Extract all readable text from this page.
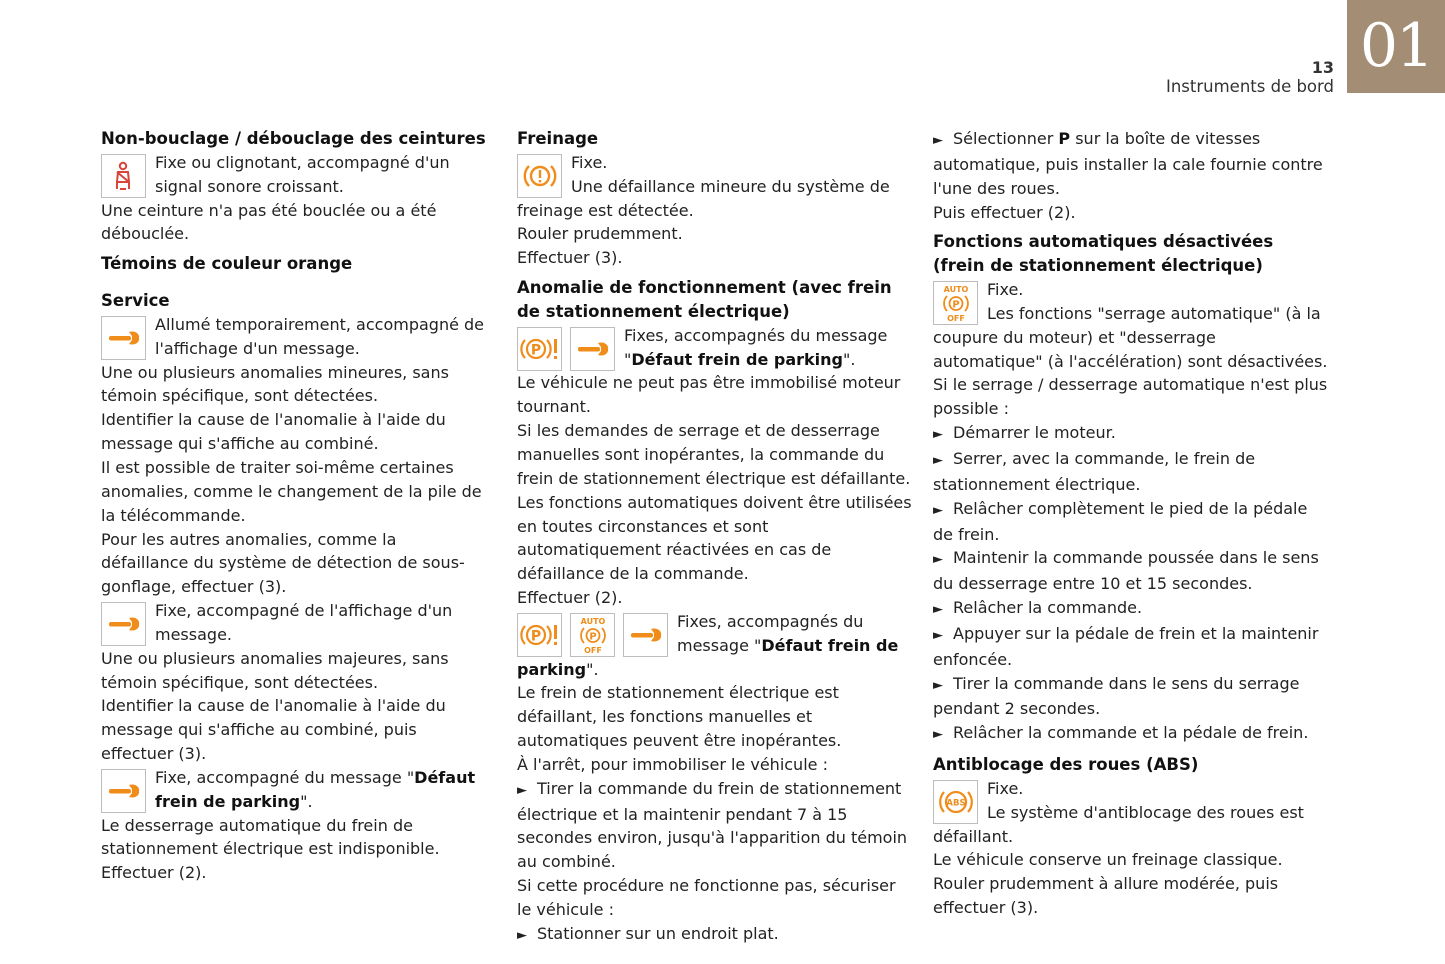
01
13
Instruments de bord
Non-bouclage / débouclage des ceintures

Fixe ou clignotant, accompagné d'un

signal sonore croissant.

Une ceinture n'a pas été bouclée ou a été débouclée.

Témoins de couleur orange
Service

Allumé temporairement, accompagné de

l'affichage d'un message.

Une ou plusieurs anomalies mineures, sans témoin spécifique, sont détectées.

Identifier la cause de l'anomalie à l'aide du message qui s'affiche au combiné.

Il est possible de traiter soi-même certaines anomalies, comme le changement de la pile de la télécommande.

Pour les autres anomalies, comme la défaillance du système de détection de sous-gonflage, effectuer (3).

Fixe, accompagné de l'affichage d'un

message.

Une ou plusieurs anomalies majeures, sans témoin spécifique, sont détectées.

Identifier la cause de l'anomalie à l'aide du message qui s'affiche au combiné, puis effectuer (3).

Fixe, accompagné du message "Défaut frein de parking".

Le desserrage automatique du frein de stationnement électrique est indisponible.

Effectuer (2).

Freinage

Fixe.

Une défaillance mineure du système de

freinage est détectée.

Rouler prudemment.

Effectuer (3).

Anomalie de fonctionnement (avec frein de stationnement électrique)
P

Fixes, accompagnés du message "Défaut frein de parking".

Le véhicule ne peut pas être immobilisé moteur tournant.

Si les demandes de serrage et de desserrage manuelles sont inopérantes, la commande du frein de stationnement électrique est défaillante.

Les fonctions automatiques doivent être utilisées en toutes circonstances et sont automatiquement réactivées en cas de défaillance de la commande.

Effectuer (2).

P
AUTO
P
OFF

Fixes, accompagnés du

message "Défaut frein de

parking".

Le frein de stationnement électrique est défaillant, les fonctions manuelles et automatiques peuvent être inopérantes.

À l'arrêt, pour immobiliser le véhicule :

► Tirer la commande du frein de stationnement électrique et la maintenir pendant 7 à 15 secondes environ, jusqu'à l'apparition du témoin au combiné.

Si cette procédure ne fonctionne pas, sécuriser le véhicule :

► Stationner sur un endroit plat.

► Sélectionner P sur la boîte de vitesses automatique, puis installer la cale fournie contre l'une des roues.

Puis effectuer (2).

Fonctions automatiques désactivées (frein de stationnement électrique)
AUTO
P
OFF

Fixe.

Les fonctions "serrage automatique" (à la

coupure du moteur) et "desserrage automatique" (à l'accélération) sont désactivées.

Si le serrage / desserrage automatique n'est plus possible :

► Démarrer le moteur.

► Serrer, avec la commande, le frein de stationnement électrique.

► Relâcher complètement le pied de la pédale de frein.

► Maintenir la commande poussée dans le sens du desserrage entre 10 et 15 secondes.

► Relâcher la commande.

► Appuyer sur la pédale de frein et la maintenir enfoncée.

► Tirer la commande dans le sens du serrage pendant 2 secondes.

► Relâcher la commande et la pédale de frein.

Antiblocage des roues (ABS)
ABS

Fixe.

Le système d'antiblocage des roues est

défaillant.

Le véhicule conserve un freinage classique.

Rouler prudemment à allure modérée, puis effectuer (3).
